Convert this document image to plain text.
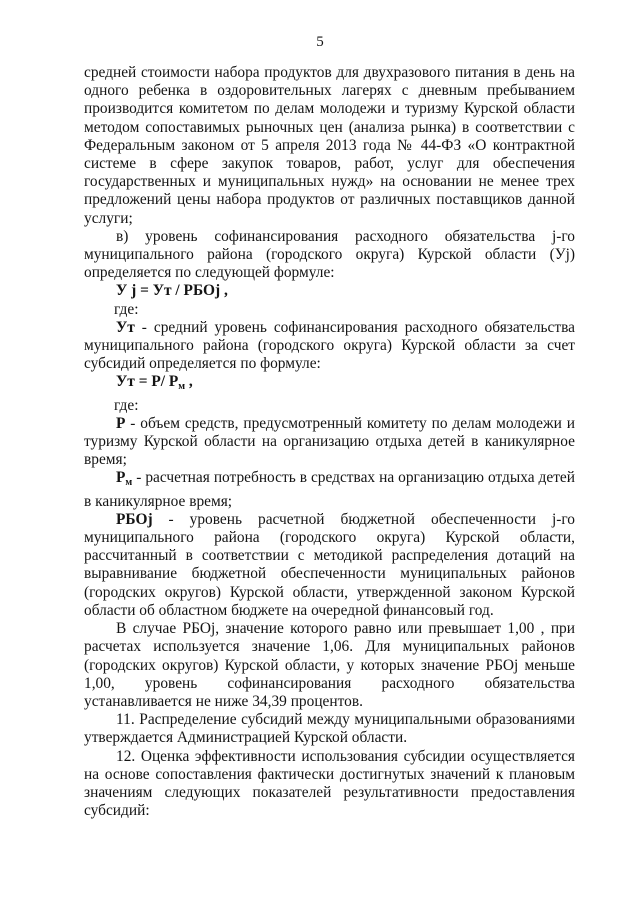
5

средней стоимости набора продуктов для двухразового питания в день на одного ребенка в оздоровительных лагерях с дневным пребыванием производится комитетом по делам молодежи и туризму Курской области методом сопоставимых рыночных цен (анализа рынка) в соответствии с Федеральным законом от 5 апреля 2013 года № 44-ФЗ «О контрактной системе в сфере закупок товаров, работ, услуг для обеспечения государственных и муниципальных нужд» на основании не менее трех предложений цены набора продуктов от различных поставщиков данной услуги;

в) уровень софинансирования расходного обязательства j-го муниципального района (городского округа) Курской области (Уj) определяется по следующей формуле:

У j = Ут / РБОj ,

где:

Ут - средний уровень софинансирования расходного обязательства муниципального района (городского округа) Курской области за счет субсидий определяется по формуле:

Ут = Р/ $Р_м$ ,

где:

Р - объем средств, предусмотренный комитету по делам молодежи и туризму Курской области на организацию отдыха детей в каникулярное время;

$Р_м$ - расчетная потребность в средствах на организацию отдыха детей в каникулярное время;

РБОj - уровень расчетной бюджетной обеспеченности j-го муниципального района (городского округа) Курской области, рассчитанный в соответствии с методикой распределения дотаций на выравнивание бюджетной обеспеченности муниципальных районов (городских округов) Курской области, утвержденной законом Курской области об областном бюджете на очередной финансовый год.

В случае РБОj, значение которого равно или превышает 1,00 , при расчетах используется значение 1,06. Для муниципальных районов (городских округов) Курской области, у которых значение РБОj меньше 1,00, уровень софинансирования расходного обязательства устанавливается не ниже 34,39 процентов.

11. Распределение субсидий между муниципальными образованиями утверждается Администрацией Курской области.

12. Оценка эффективности использования субсидии осуществляется на основе сопоставления фактически достигнутых значений к плановым значениям следующих показателей результативности предоставления субсидий:
